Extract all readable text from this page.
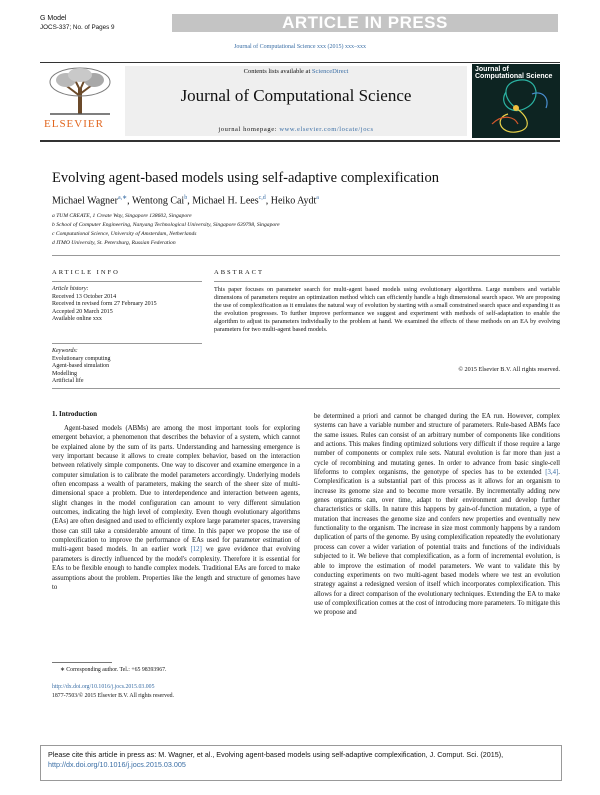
G Model
JOCS-337; No. of Pages 9	ARTICLE IN PRESS
Journal of Computational Science xxx (2015) xxx–xxx
ELSEVIER
Contents lists available at ScienceDirect
Journal of Computational Science
journal homepage: www.elsevier.com/locate/jocs
Journal of Computational Science
Evolving agent-based models using self-adaptive complexification
Michael Wagner$^{a,∗}$, Wentong Cai$^b$, Michael H. Lees$^{c,d}$, Heiko Aydt$^a$
a TUM CREATE, 1 Create Way, Singapore 138602, Singapore
b School of Computer Engineering, Nanyang Technological University, Singapore 639798, Singapore
c Computational Science, University of Amsterdam, Netherlands
d ITMO University, St. Petersburg, Russian Federation
ARTICLE INFO	ABSTRACT
Article history:
Received 13 October 2014
Received in revised form 27 February 2015
Accepted 20 March 2015
Available online xxx
Keywords:
Evolutionary computing
Agent-based simulation
Modelling
Artificial life
This paper focuses on parameter search for multi-agent based models using evolutionary algorithms. Large numbers and variable dimensions of parameters require an optimization method which can efficiently handle a high dimensional search space. We are proposing the use of complexification as it emulates the natural way of evolution by starting with a small constrained search space and expanding it as the evolution progresses. To further improve performance we suggest and experiment with methods of self-adaptation to enable the algorithm to adjust its parameters individually to the problem at hand. We examined the effects of these methods on an EA by evolving parameters for two multi-agent based models.
© 2015 Elsevier B.V. All rights reserved.
1. Introduction
Agent-based models (ABMs) are among the most important tools for exploring emergent behavior, a phenomenon that describes the behavior of a system, which cannot be explained alone by the sum of its parts. Understanding and harnessing emergence is very important because it allows to create complex behavior, based on the interaction between relatively simple components. One way to discover and examine emergence in a computer simulation is to calibrate the model parameters accordingly. Underlying models often encompass a wealth of parameters, making the search of the sheer size of multi-dimensional space a problem. Due to interdependence and interaction between agents, slight changes in the model configuration can amount to very different simulation outcomes, indicating the high level of complexity. Even though evolutionary algorithms (EAs) are often designed and used to efficiently explore large parameter spaces, traversing those can still take a considerable amount of time. In this paper we propose the use of complexification to improve the performance of EAs used for parameter estimation of multi-agent based models. In an earlier work [12] we gave evidence that evolving parameters is directly influenced by the model's complexity. Therefore it is essential for EAs to be flexible enough to handle complex models. Traditional EAs are forced to make assumptions about the problem. Properties like the length and structure of genomes have to
be determined a priori and cannot be changed during the EA run. However, complex systems can have a variable number and structure of parameters. Rule-based ABMs face the same issues. Rules can consist of an arbitrary number of components like conditions and actions. This makes finding optimized solutions very difficult if those require a large number of components or complex rule sets. Natural evolution is far more than just a cycle of recombining and mutating genes. In order to advance from basic single-cell lifeforms to complex organisms, the genotype of species has to be extended [3,4]. Complexification is a substantial part of this process as it allows for an organism to increase its genome size and to become more versatile. By incrementally adding new genes organisms can, over time, adapt to their environment and develop further characteristics or skills. In nature this happens by gain-of-function mutation, a type of mutation that increases the genome size and confers new properties and eventually new functionality to the organism. The increase in size most commonly happens by a random duplication of parts of the genome. By using complexification repeatedly the evolutionary process can cover a wider variation of potential traits and functions of the individuals subjected to it. We believe that complexification, as a form of incremental evolution, is able to improve the estimation of model parameters. We want to validate this by conducting experiments on two multi-agent based models where we test an evolution strategy against a redesigned version of itself which incorporates complexification. This allows for a direct comparison of the evolutionary techniques. Extending the EA to make use of complexification comes at the cost of introducing more parameters. To mitigate this we propose and
∗ Corresponding author. Tel.: +65 98393967.
http://dx.doi.org/10.1016/j.jocs.2015.03.005
1877-7503/© 2015 Elsevier B.V. All rights reserved.
Please cite this article in press as: M. Wagner, et al., Evolving agent-based models using self-adaptive complexification, J. Comput. Sci. (2015), http://dx.doi.org/10.1016/j.jocs.2015.03.005
